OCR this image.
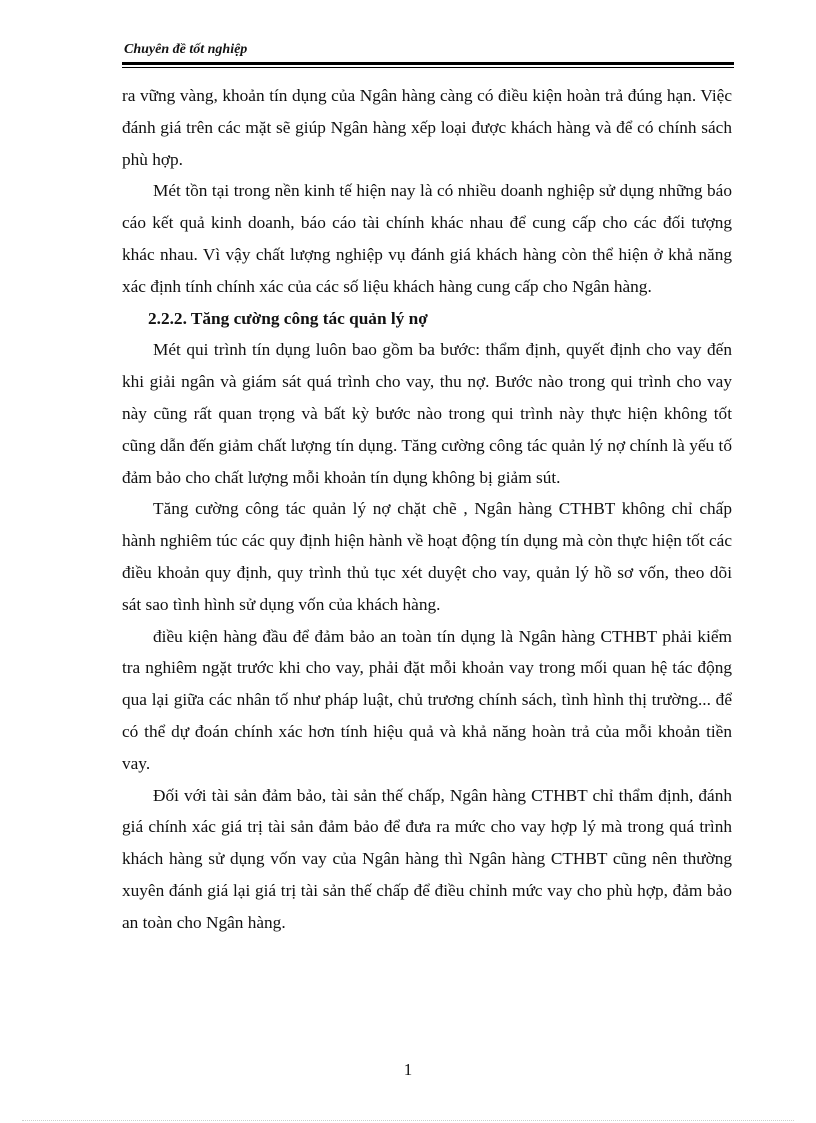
Chuyên đề tốt nghiệp

ra vững vàng, khoản tín dụng của Ngân hàng càng có điều kiện hoàn trả đúng hạn. Việc đánh giá trên các mặt sẽ giúp Ngân hàng xếp loại được khách hàng và để có chính sách phù hợp.

Mét tồn tại trong nền kinh tế hiện nay là có nhiều doanh nghiệp sử dụng những báo cáo kết quả kinh doanh, báo cáo tài chính khác nhau để cung cấp cho các đối tượng khác nhau. Vì vậy chất lượng nghiệp vụ đánh giá khách hàng còn thể hiện ở khả năng xác định tính chính xác của các số liệu khách hàng cung cấp cho Ngân hàng.

2.2.2. Tăng cường công tác quản lý nợ

Mét qui trình tín dụng luôn bao gồm ba bước: thẩm định, quyết định cho vay đến khi giải ngân và giám sát quá trình cho vay, thu nợ. Bước nào trong qui trình cho vay này cũng rất quan trọng và bất kỳ bước nào trong qui trình này thực hiện không tốt cũng dẫn đến giảm chất lượng tín dụng. Tăng cường công tác quản lý nợ chính là yếu tố đảm bảo cho chất lượng mỗi khoản tín dụng không bị giảm sút.

Tăng cường công tác quản lý nợ chặt chẽ , Ngân hàng CTHBT không chỉ chấp hành nghiêm túc các quy định hiện hành về hoạt động tín dụng mà còn thực hiện tốt các điều khoản quy định, quy trình thủ tục xét duyệt cho vay, quản lý hồ sơ vốn, theo dõi sát sao tình hình sử dụng vốn của khách hàng.

điều kiện hàng đầu để đảm bảo an toàn tín dụng là Ngân hàng CTHBT phải kiểm tra nghiêm ngặt trước khi cho vay, phải đặt mỗi khoản vay trong mối quan hệ tác động qua lại giữa các nhân tố như pháp luật, chủ trương chính sách, tình hình thị trường... để có thể dự đoán chính xác hơn tính hiệu quả và khả năng hoàn trả của mỗi khoản tiền vay.

Đối với tài sản đảm bảo, tài sản thế chấp, Ngân hàng CTHBT chỉ thẩm định, đánh giá chính xác giá trị tài sản đảm bảo để đưa ra mức cho vay hợp lý mà trong quá trình khách hàng sử dụng vốn vay của Ngân hàng thì Ngân hàng CTHBT cũng nên thường xuyên đánh giá lại giá trị tài sản thế chấp để điều chỉnh mức vay cho phù hợp, đảm bảo an toàn cho Ngân hàng.

1
